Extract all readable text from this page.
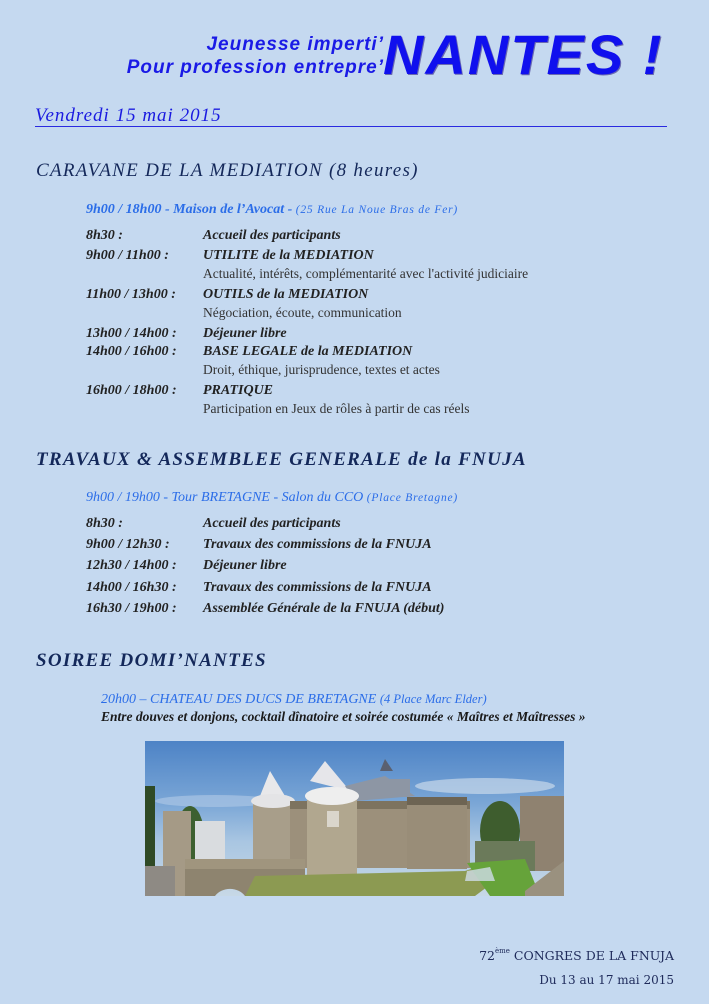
Jeunesse imperti’
Pour profession entrepre’ NANTES !
Vendredi 15 mai 2015
CARAVANE DE LA MEDIATION (8 heures)
9h00 / 18h00 - Maison de l’Avocat - (25 Rue La Noue Bras de Fer)
8h30 :	Accueil des participants
9h00 / 11h00 : UTILITE de la MEDIATION
Actualité, intérêts, complémentarité avec l'activité judiciaire
11h00 / 13h00 : OUTILS de la MEDIATION
Négociation, écoute, communication
13h00 / 14h00 : Déjeuner libre
14h00 / 16h00 : BASE LEGALE de la MEDIATION
Droit, éthique, jurisprudence, textes et actes
16h00 / 18h00 : PRATIQUE
Participation en Jeux de rôles à partir de cas réels
TRAVAUX & ASSEMBLEE GENERALE de la FNUJA
9h00 / 19h00 - Tour BRETAGNE - Salon du CCO (Place Bretagne)
8h30 :	Accueil des participants
9h00 / 12h30 : Travaux des commissions de la FNUJA
12h30 / 14h00 : Déjeuner libre
14h00 / 16h30 : Travaux des commissions de la FNUJA
16h30 / 19h00 : Assemblée Générale de la FNUJA (début)
SOIREE DOMI’NANTES
20h00 – CHATEAU DES DUCS DE BRETAGNE (4 Place Marc Elder)
Entre douves et donjons, cocktail dînatoire et soirée costumée « Maîtres et Maîtresses »
72ème CONGRES DE LA FNUJA
Du 13 au 17 mai 2015
